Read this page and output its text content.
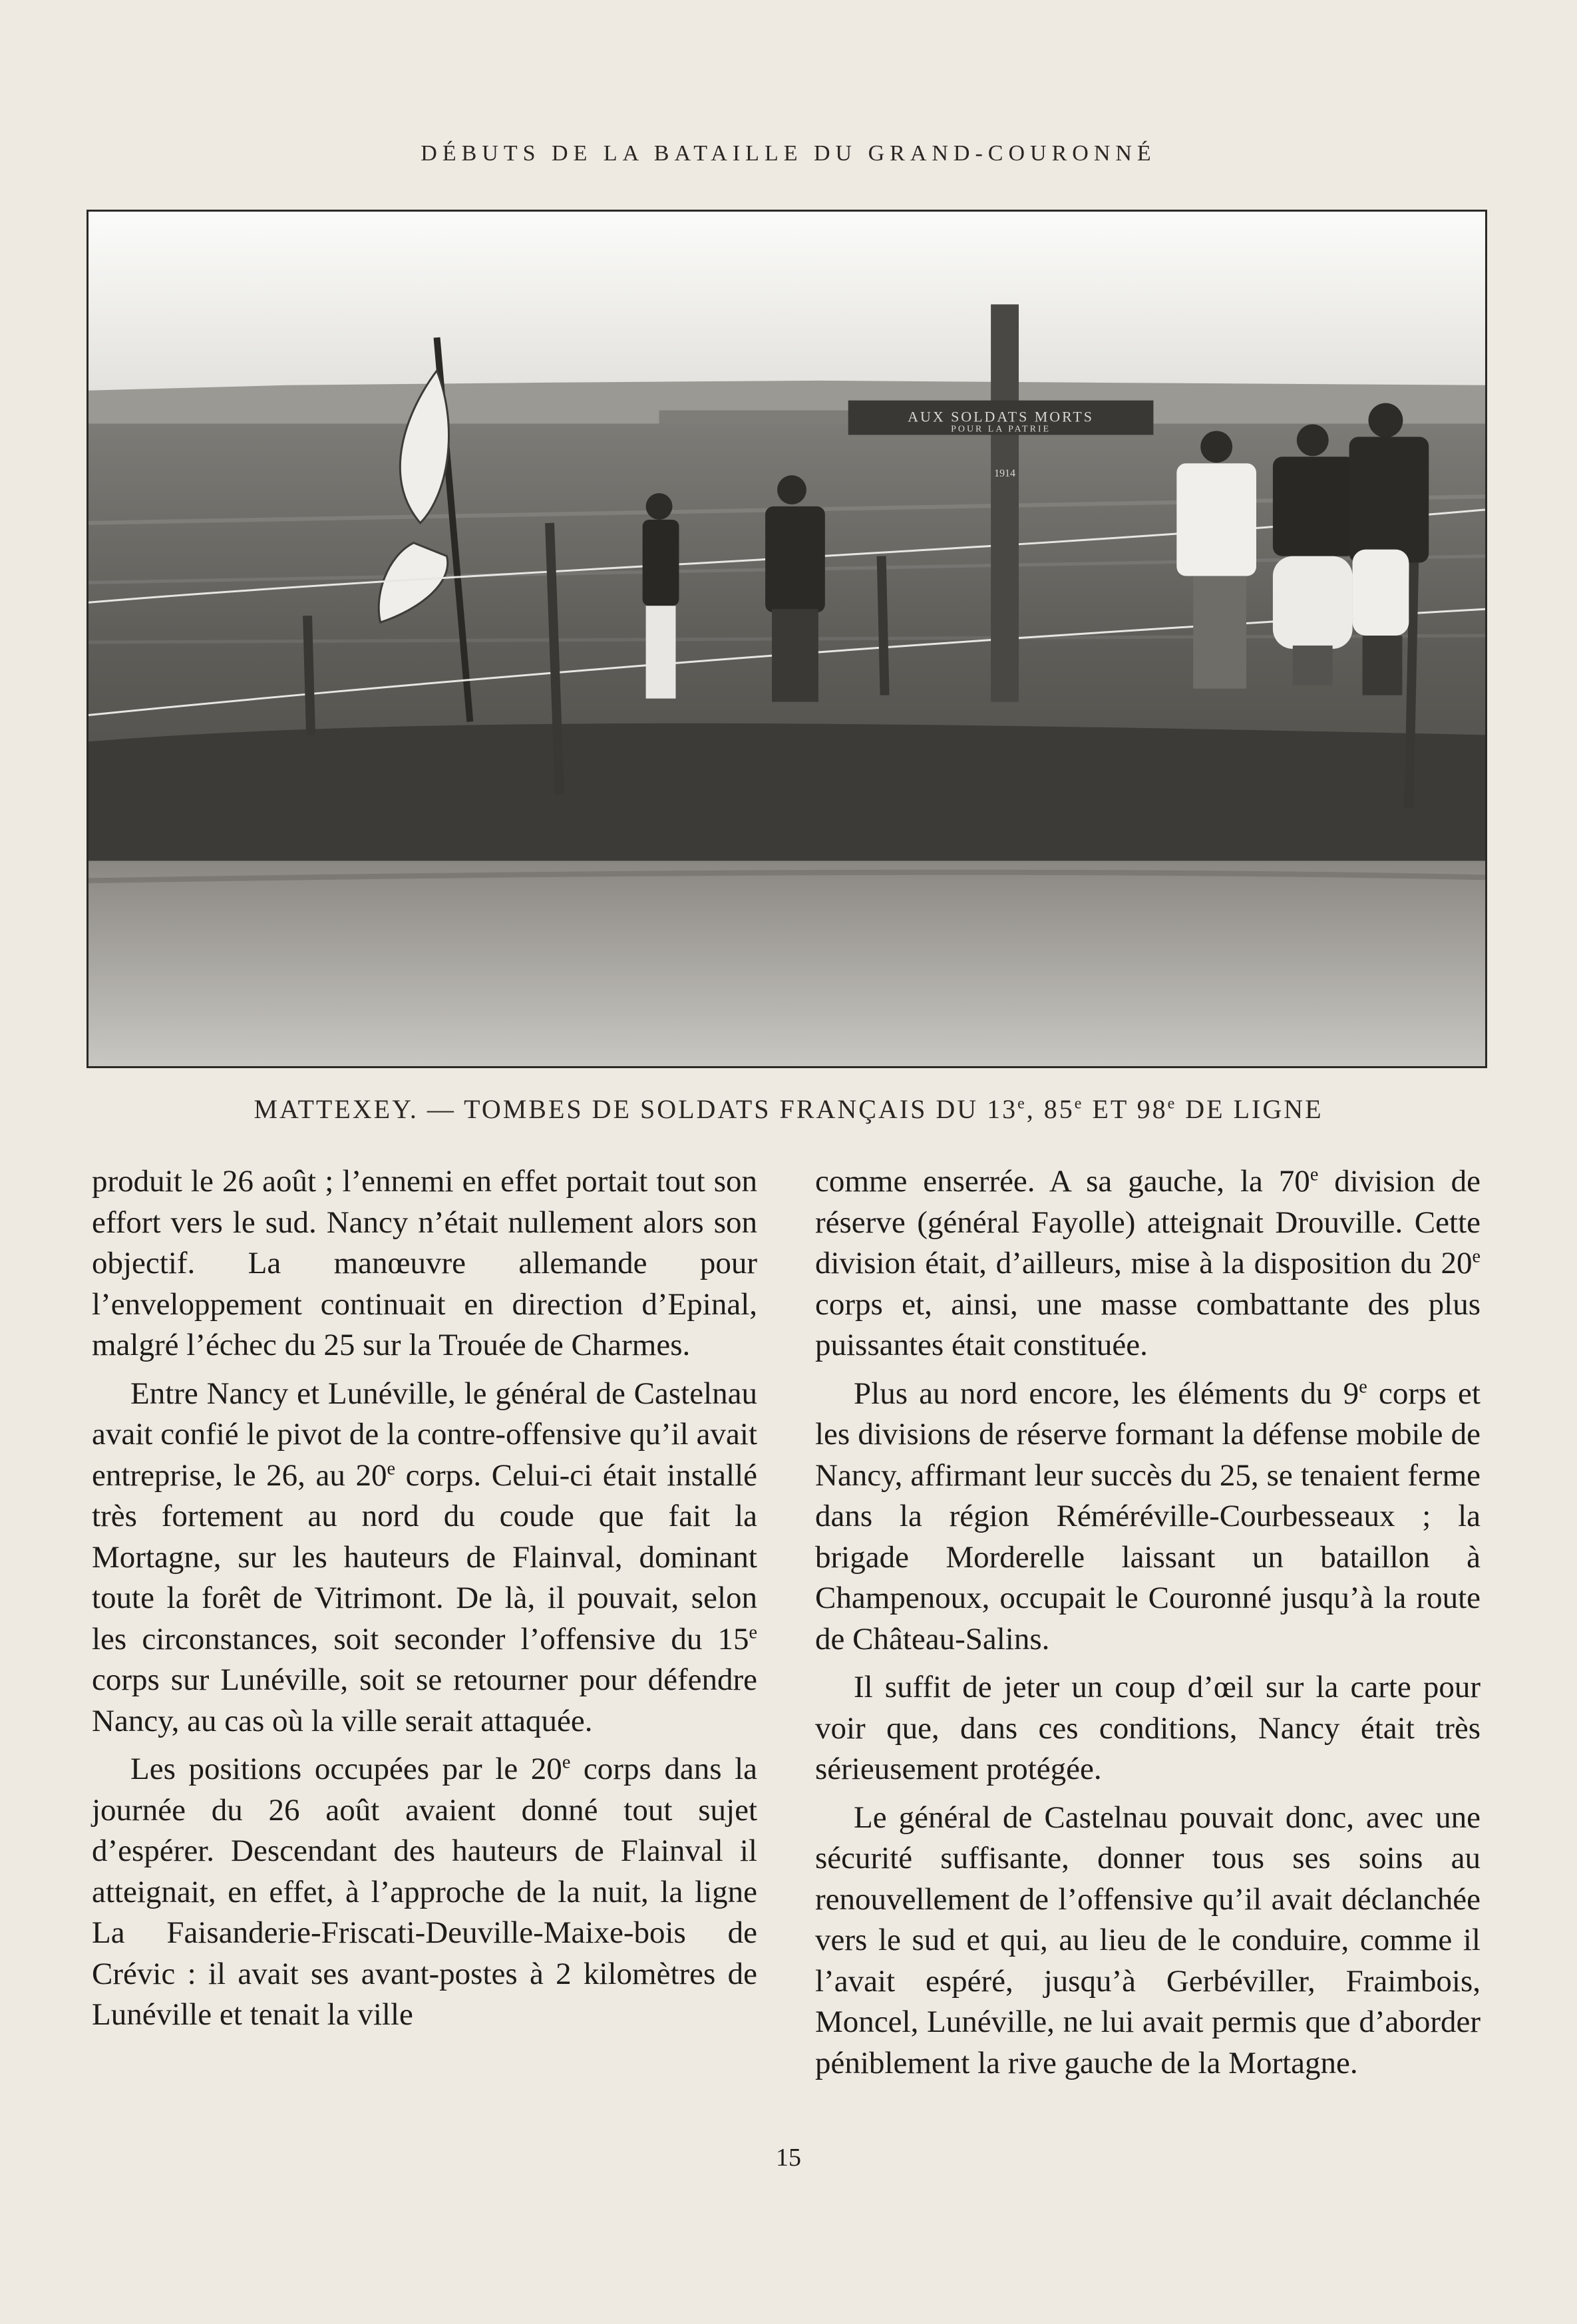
DÉBUTS DE LA BATAILLE DU GRAND-COURONNÉ
AUX SOLDATS MORTS
POUR LA PATRIE
1914
MATTEXEY. — TOMBES DE SOLDATS FRANÇAIS DU 13e, 85e ET 98e DE LIGNE

produit le 26 août ; l’ennemi en effet portait tout son effort vers le sud. Nancy n’était nullement alors son objectif. La manœuvre allemande pour l’enveloppement continuait en direction d’Epinal, malgré l’échec du 25 sur la Trouée de Charmes.

Entre Nancy et Lunéville, le général de Castelnau avait confié le pivot de la contre-offensive qu’il avait entreprise, le 26, au 20e corps. Celui-ci était installé très fortement au nord du coude que fait la Mortagne, sur les hauteurs de Flainval, dominant toute la forêt de Vitrimont. De là, il pouvait, selon les circonstances, soit seconder l’offensive du 15e corps sur Lunéville, soit se retourner pour défendre Nancy, au cas où la ville serait attaquée.

Les positions occupées par le 20e corps dans la journée du 26 août avaient donné tout sujet d’espérer. Descendant des hauteurs de Flainval il atteignait, en effet, à l’approche de la nuit, la ligne La Faisanderie-Friscati-Deuville-Maixe-bois de Crévic : il avait ses avant-postes à 2 kilomètres de Lunéville et tenait la ville

comme enserrée. A sa gauche, la 70e division de réserve (général Fayolle) atteignait Drouville. Cette division était, d’ailleurs, mise à la disposition du 20e corps et, ainsi, une masse combattante des plus puissantes était constituée.

Plus au nord encore, les éléments du 9e corps et les divisions de réserve formant la défense mobile de Nancy, affirmant leur succès du 25, se tenaient ferme dans la région Réméréville-Courbesseaux ; la brigade Morderelle laissant un bataillon à Champenoux, occupait le Couronné jusqu’à la route de Château-Salins.

Il suffit de jeter un coup d’œil sur la carte pour voir que, dans ces conditions, Nancy était très sérieusement protégée.

Le général de Castelnau pouvait donc, avec une sécurité suffisante, donner tous ses soins au renouvellement de l’offensive qu’il avait déclanchée vers le sud et qui, au lieu de le conduire, comme il l’avait espéré, jusqu’à Gerbéviller, Fraimbois, Moncel, Lunéville, ne lui avait permis que d’aborder péniblement la rive gauche de la Mortagne.

15
